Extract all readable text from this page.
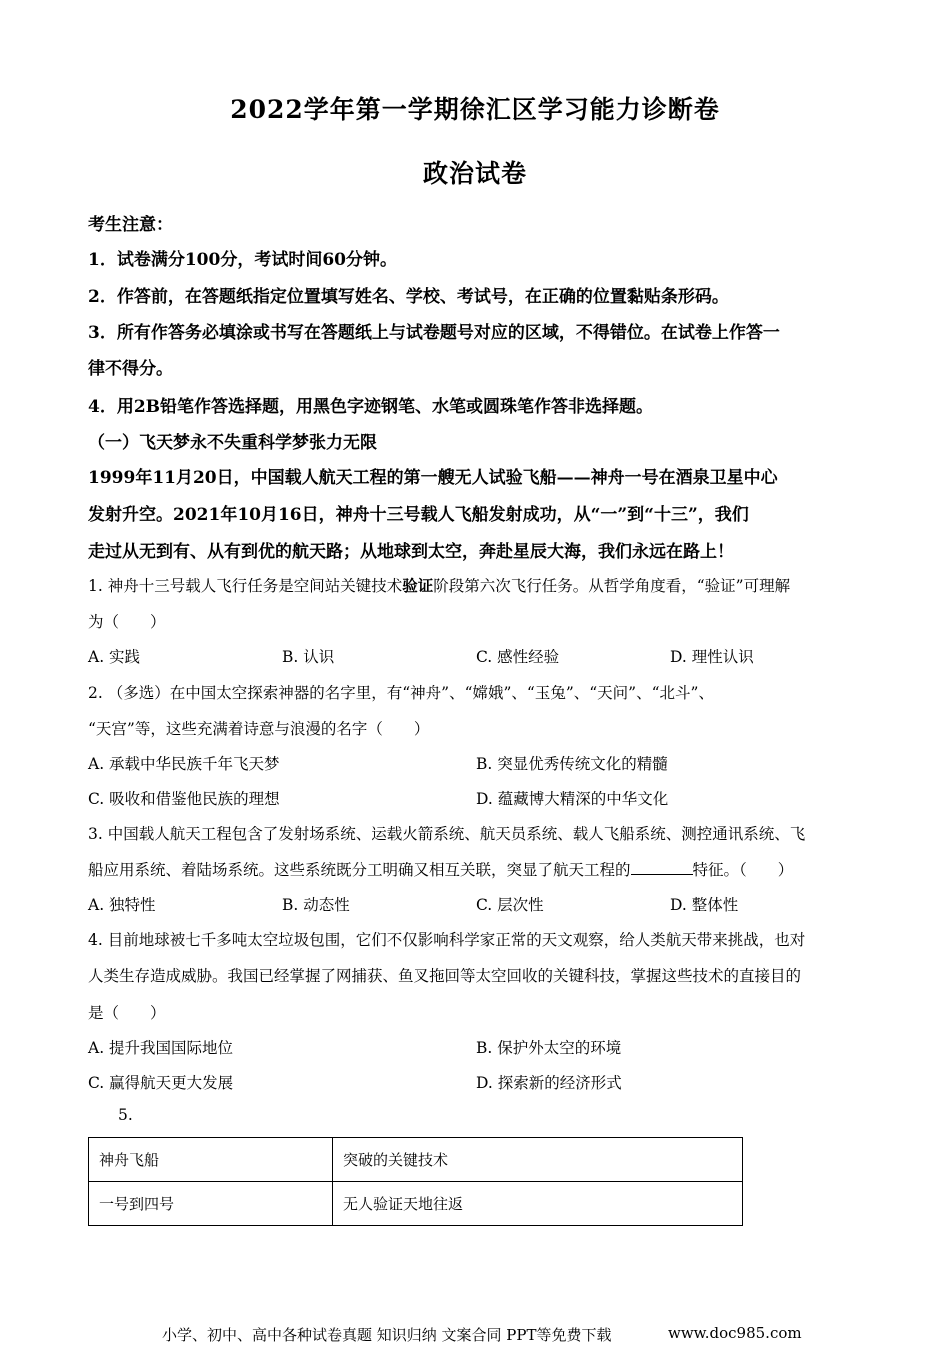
2022学年第一学期徐汇区学习能力诊断卷
政治试卷
考生注意：
1．试卷满分100分，考试时间60分钟。
2．作答前，在答题纸指定位置填写姓名、学校、考试号，在正确的位置黏贴条形码。
3．所有作答务必填涂或书写在答题纸上与试卷题号对应的区域，不得错位。在试卷上作答一
律不得分。
4．用2B铅笔作答选择题，用黑色字迹钢笔、水笔或圆珠笔作答非选择题。
（一）飞天梦永不失重科学梦张力无限
1999年11月20日，中国载人航天工程的第一艘无人试验飞船——神舟一号在酒泉卫星中心
发射升空。2021年10月16日，神舟十三号载人飞船发射成功，从“一”到“十三”，我们
走过从无到有、从有到优的航天路；从地球到太空，奔赴星辰大海，我们永远在路上！
1. 神舟十三号载人飞行任务是空间站关键技术验证阶段第六次飞行任务。从哲学角度看，“验证”可理解
为（　　）
A. 实践	B. 认识	C. 感性经验	D. 理性认识
2. （多选）在中国太空探索神器的名字里，有“神舟”、“嫦娥”、“玉兔”、“天问”、“北斗”、
“天宫”等，这些充满着诗意与浪漫的名字（　　）
A. 承载中华民族千年飞天梦	B. 突显优秀传统文化的精髓
C. 吸收和借鉴他民族的理想	D. 蕴藏博大精深的中华文化
3. 中国载人航天工程包含了发射场系统、运载火箭系统、航天员系统、载人飞船系统、测控通讯系统、飞
船应用系统、着陆场系统。这些系统既分工明确又相互关联，突显了航天工程的	特征。（　　）
A. 独特性	B. 动态性	C. 层次性	D. 整体性
4. 目前地球被七千多吨太空垃圾包围，它们不仅影响科学家正常的天文观察，给人类航天带来挑战，也对
人类生存造成威胁。我国已经掌握了网捕获、鱼叉拖回等太空回收的关键科技，掌握这些技术的直接目的
是（　　）
A. 提升我国国际地位	B. 保护外太空的环境
C. 赢得航天更大发展	D. 探索新的经济形式
5.
神舟飞船	突破的关键技术
一号到四号	无人验证天地往返
小学、初中、高中各种试卷真题 知识归纳 文案合同 PPT等免费下载	www.doc985.com
